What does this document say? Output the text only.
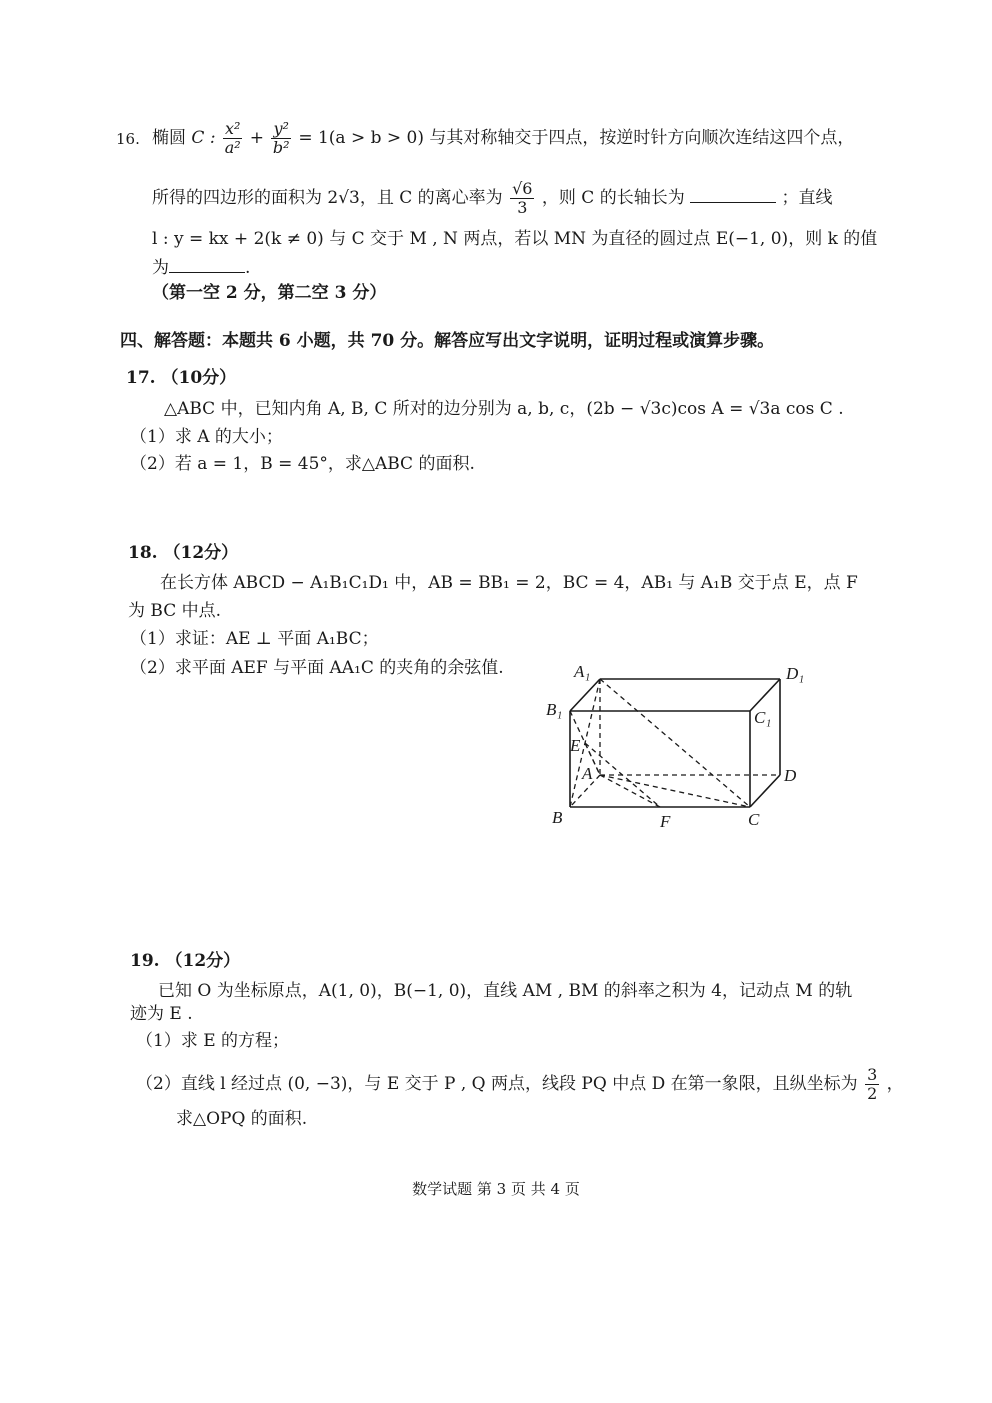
16. 椭圆 C : $\frac{\text{x²}}{\text{a²}} + \frac{\text{y²}}{\text{b²}} = 1(a > b > 0)$ 与其对称轴交于四点，按逆时针方向顺次连结这四个点，
所得的四边形的面积为 2√3，且 C 的离心率为 $\frac{√6}{3}$ ，则 C 的长轴长为	；直线
l : y = kx + 2(k ≠ 0) 与 C 交于 M , N 两点，若以 MN 为直径的圆过点 E(−1, 0)，则 k 的值
为	.
（第一空 2 分，第二空 3 分）
四、解答题：本题共 6 小题，共 70 分。解答应写出文字说明，证明过程或演算步骤。
17. （10分）
△ABC 中，已知内角 A, B, C 所对的边分别为 a, b, c，(2b − √3c)cos A = √3a cos C .
（1）求 A 的大小；
（2）若 a = 1，B = 45°，求△ABC 的面积.
18. （12分）
在长方体 ABCD − A₁B₁C₁D₁ 中，AB = BB₁ = 2，BC = 4，AB₁ 与 A₁B 交于点 E，点 F
为 BC 中点.
（1）求证：AE ⊥ 平面 A₁BC；
（2）求平面 AEF 与平面 AA₁C 的夹角的余弦值.	A₁	D₁
B₁	C₁
E
A	D
B	F	C
19. （12分）
已知 O 为坐标原点，A(1, 0)，B(−1, 0)，直线 AM , BM 的斜率之积为 4，记动点 M 的轨
迹为 E .
（1）求 E 的方程；
（2）直线 l 经过点 (0, −3)，与 E 交于 P , Q 两点，线段 PQ 中点 D 在第一象限，且纵坐标为 $\frac{3}{2}$ ，
求△OPQ 的面积.
数学试题 第 3 页 共 4 页
